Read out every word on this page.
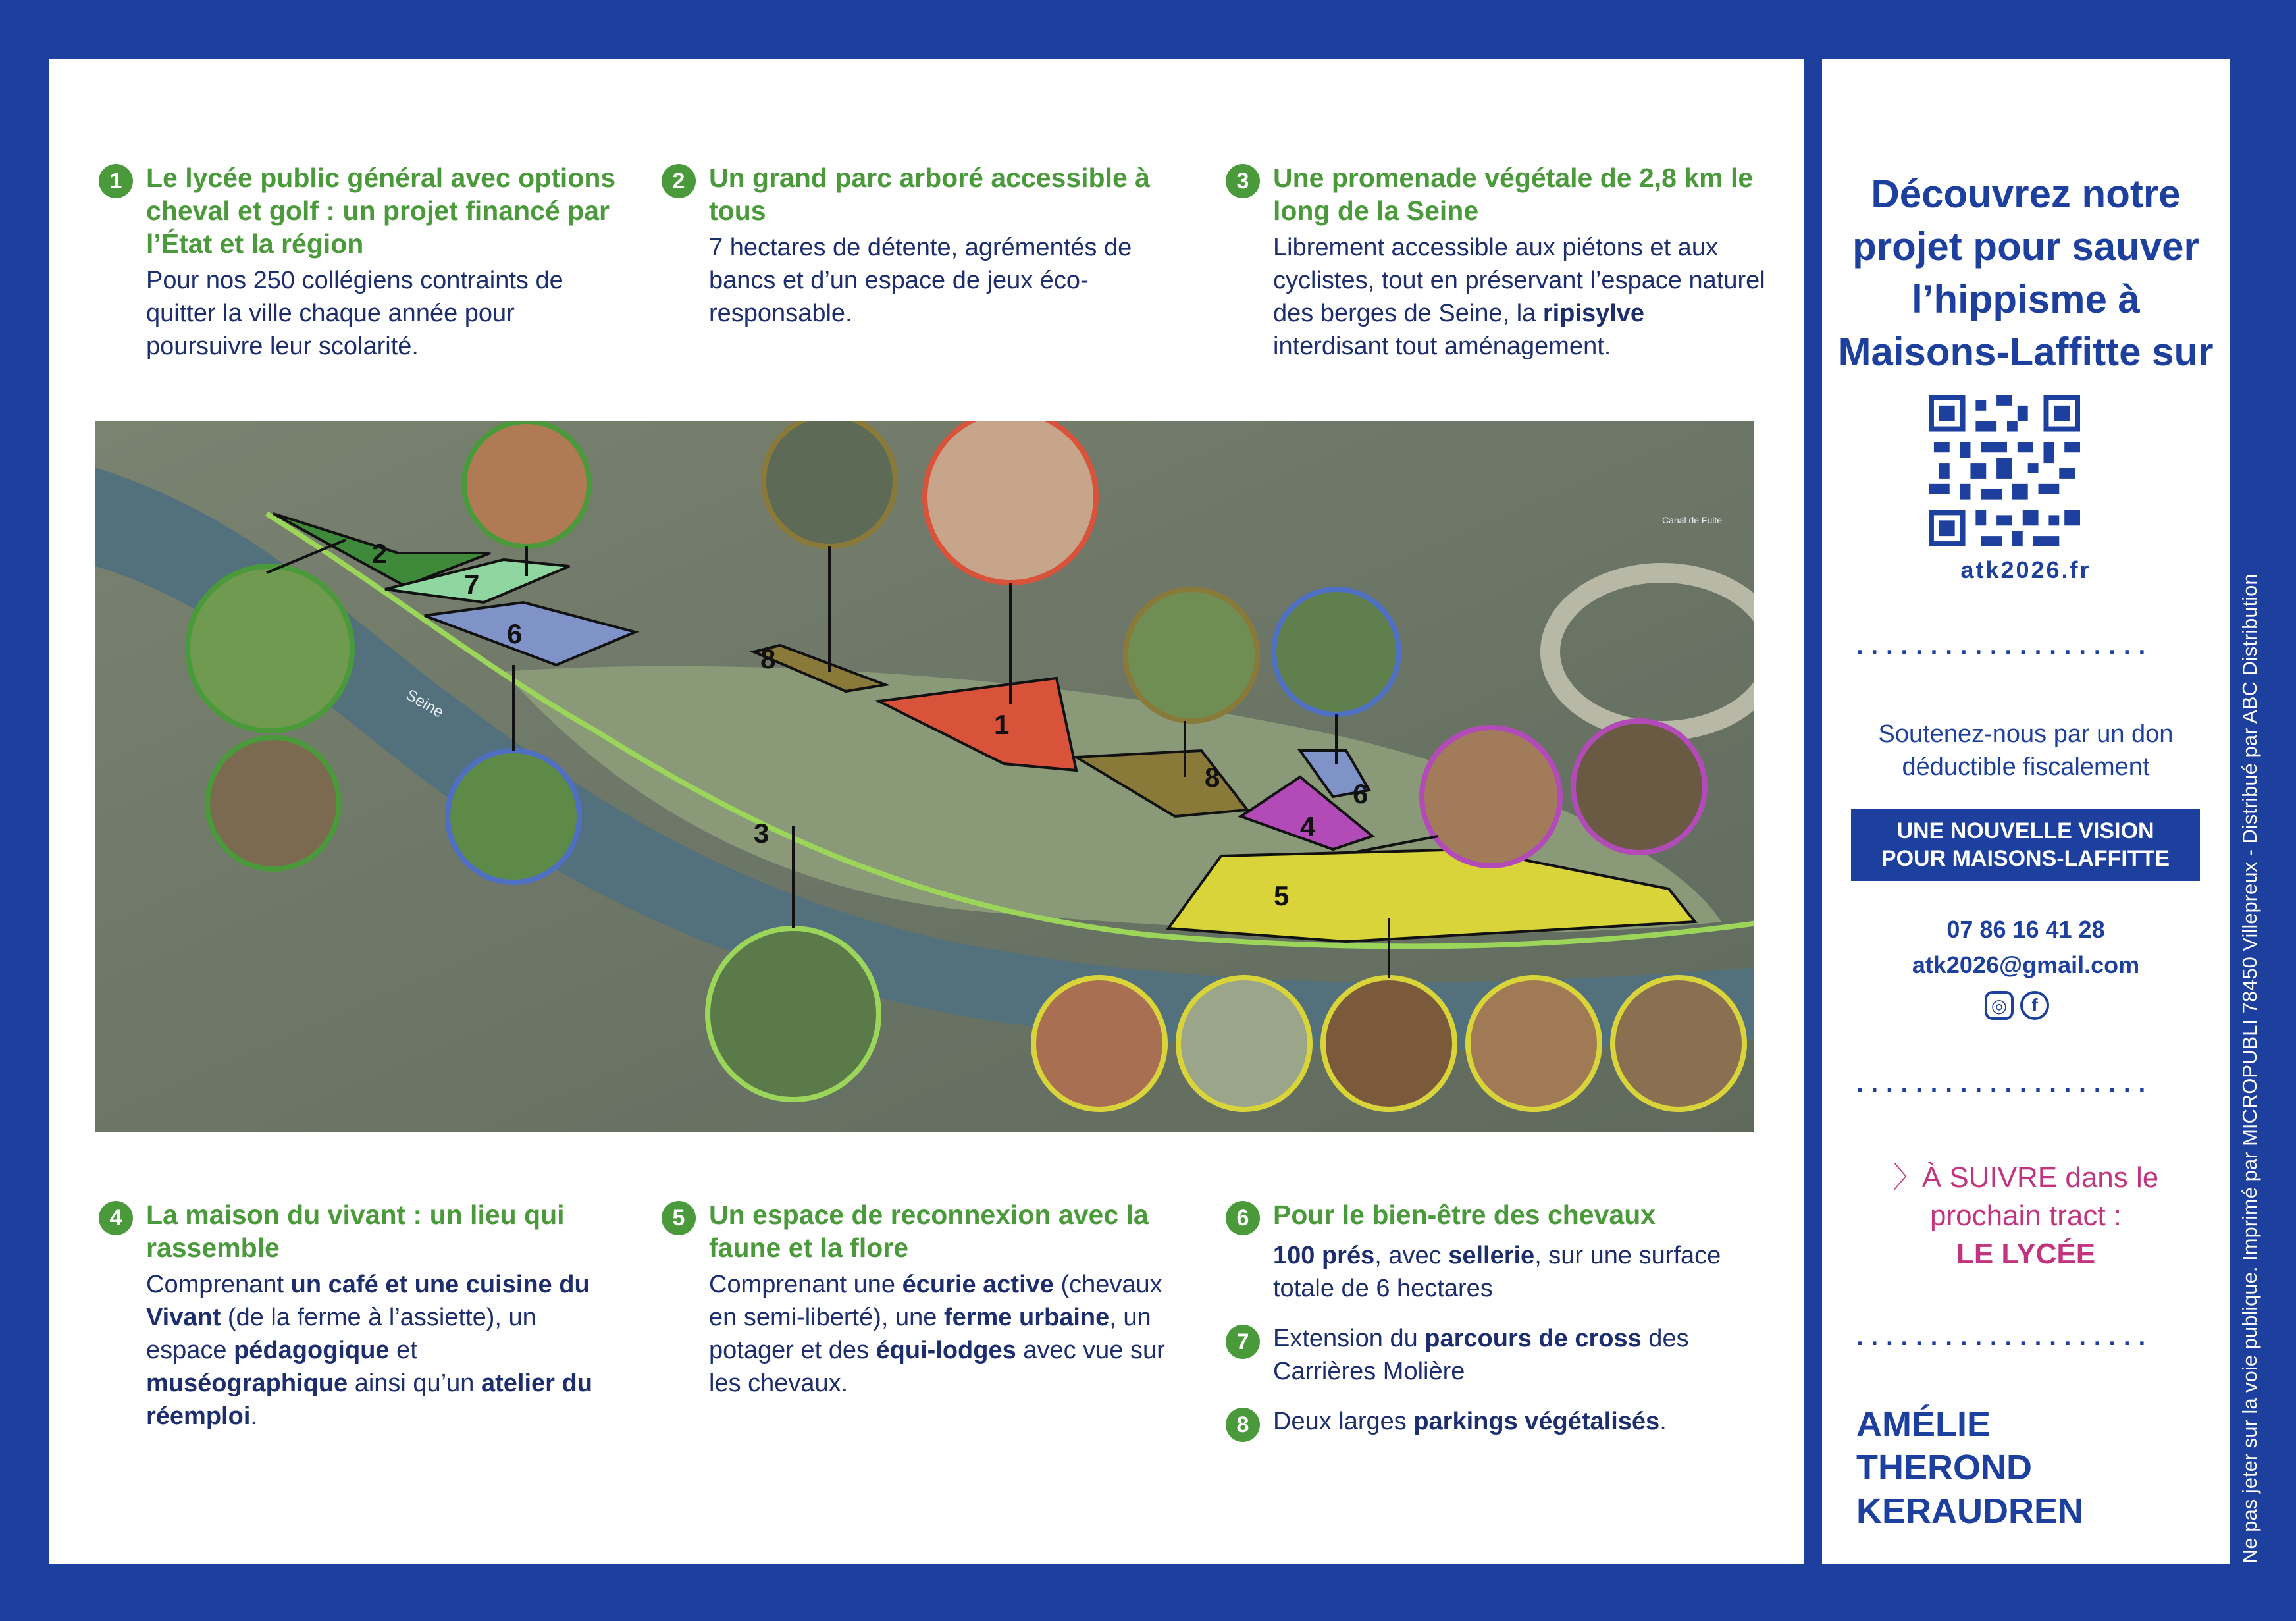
1 Le lycée public général avec options cheval et golf : un projet financé par l’État et la région
Pour nos 250 collégiens contraints de quitter la ville chaque année pour poursuivre leur scolarité.
2 Un grand parc arboré accessible à tous
7 hectares de détente, agrémentés de bancs et d’un espace de jeux éco-responsable.
3 Une promenade végétale de 2,8 km le long de la Seine
Librement accessible aux piétons et aux cyclistes, tout en préservant l’espace naturel des berges de Seine, la ripisylve interdisant tout aménagement.
2
7
6
8
1
8
6
4
5
3
Seine
Canal de Fuite
4 La maison du vivant : un lieu qui rassemble
Comprenant un café et une cuisine du Vivant (de la ferme à l’assiette), un espace pédagogique et muséographique ainsi qu’un atelier du réemploi.
5 Un espace de reconnexion avec la faune et la flore
Comprenant une écurie active (chevaux en semi-liberté), une ferme urbaine, un potager et des équi-lodges avec vue sur les chevaux.
6 Pour le bien-être des chevaux
100 prés, avec sellerie, sur une surface totale de 6 hectares
7 Extension du parcours de cross des Carrières Molière
8 Deux larges parkings végétalisés.
Découvrez notre projet pour sauver l’hippisme à Maisons-Laffitte sur
atk2026.fr
....................
Soutenez-nous par un don déductible fiscalement
UNE NOUVELLE VISION
POUR MAISONS-LAFFITTE
07 86 16 41 28
atk2026@gmail.com
◎	f
....................
〉À SUIVRE dans le prochain tract :
LE LYCÉE
....................
AMÉLIE
THEROND
KERAUDREN	Ne pas jeter sur la voie publique. Imprimé par MICROPUBLI 78450 Villepreux - Distribué par ABC Distribution
